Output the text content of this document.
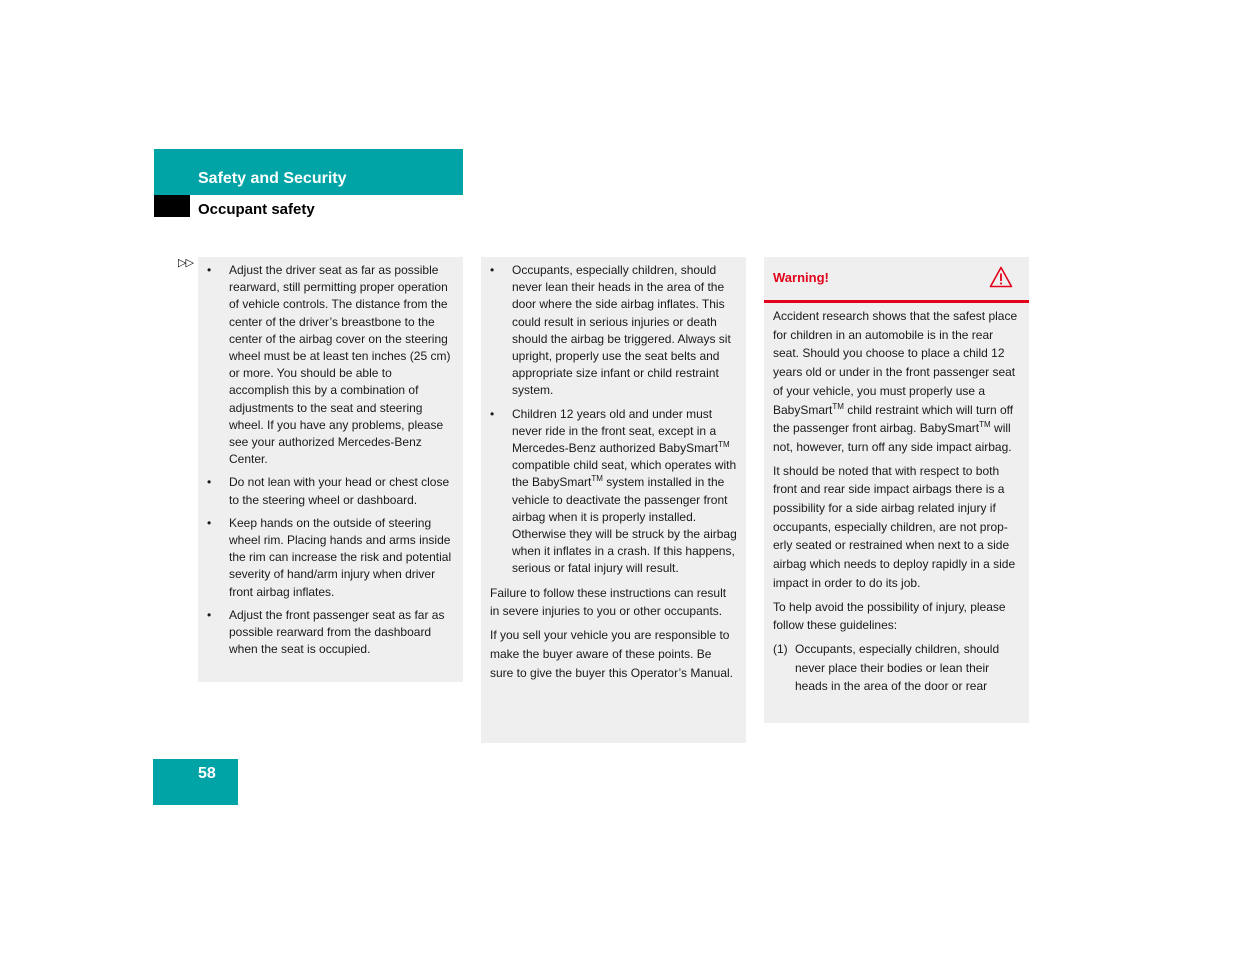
Safety and Security
Occupant safety
▷▷ • Adjust the driver seat as far as possible rearward, still permitting proper operation of vehicle controls. The distance from the center of the driver’s breastbone to the center of the airbag cover on the steering wheel must be at least ten inches (25 cm) or more. You should be able to accomplish this by a combination of adjustments to the seat and steering wheel. If you have any problems, please see your authorized Mercedes-Benz Center.
• Do not lean with your head or chest close to the steering wheel or dashboard.
• Keep hands on the outside of steering wheel rim. Placing hands and arms inside the rim can increase the risk and potential severity of hand/arm injury when driver front airbag inflates.
• Adjust the front passenger seat as far as possible rearward from the dashboard when the seat is occupied.
• Occupants, especially children, should never lean their heads in the area of the door where the side airbag inflates. This could result in serious injuries or death should the airbag be triggered. Always sit upright, properly use the seat belts and appropriate size infant or child restraint system.
• Children 12 years old and under must never ride in the front seat, except in a Mercedes-Benz authorized BabySmart™ compatible child seat, which operates with the BabySmart™ system installed in the vehicle to deactivate the passenger front airbag when it is properly installed. Otherwise they will be struck by the airbag when it inflates in a crash. If this happens, serious or fatal injury will result.

Failure to follow these instructions can result in severe injuries to you or other occupants.

If you sell your vehicle you are responsible to make the buyer aware of these points. Be sure to give the buyer this Operator’s Manual.

Warning!

Accident research shows that the safest place for children in an automobile is in the rear seat. Should you choose to place a child 12 years old or under in the front passenger seat of your vehicle, you must properly use a BabySmart™ child restraint which will turn off the passenger front airbag. BabySmart™ will not, however, turn off any side impact airbag.

It should be noted that with respect to both front and rear side impact airbags there is a possibility for a side airbag related injury if occupants, especially children, are not properly seated or restrained when next to a side airbag which needs to deploy rapidly in a side impact in order to do its job.

To help avoid the possibility of injury, please follow these guidelines:

(1) Occupants, especially children, should never place their bodies or lean their heads in the area of the door or rear

58
